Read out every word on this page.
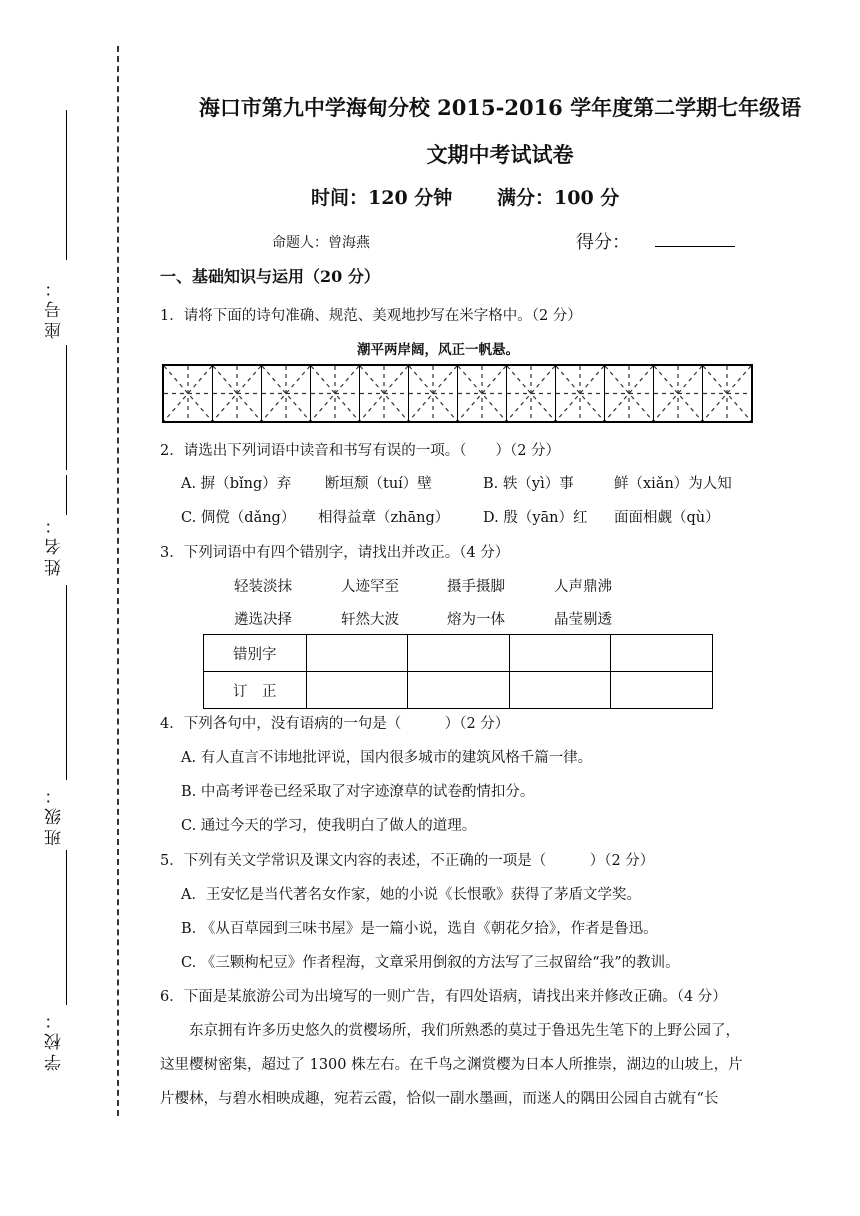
座号：
姓名：
班级：
学校：
海口市第九中学海甸分校 2015-2016 学年度第二学期七年级语
文期中考试试卷
时间：120 分钟 满分：100 分
命题人：曾海燕	得分：
一、基础知识与运用（20 分）
1．请将下面的诗句准确、规范、美观地抄写在米字格中。（2 分）
潮平两岸阔，风正一帆悬。
2．请选出下列词语中读音和书写有误的一项。（　　）（2 分）
A. 摒（bǐng）弃 断垣颓（tuí）壁	B. 轶（yì）事	鲜（xiǎn）为人知
C. 倜傥（dǎng） 相得益章（zhāng） D. 殷（yān）红 面面相觑（qù）
3．下列词语中有四个错别字，请找出并改正。（4 分）
轻装淡抹	人迹罕至	摄手摄脚	人声鼎沸
遴选决择	轩然大波	熔为一体	晶莹剔透
错别字				
订　正				
4．下列各句中，没有语病的一句是（　　　）（2 分）
A. 有人直言不讳地批评说，国内很多城市的建筑风格千篇一律。
B. 中高考评卷已经采取了对字迹潦草的试卷酌情扣分。
C. 通过今天的学习，使我明白了做人的道理。
5．下列有关文学常识及课文内容的表述，不正确的一项是（　　　）（2 分）
A．王安忆是当代著名女作家，她的小说《长恨歌》获得了茅盾文学奖。
B. 《从百草园到三味书屋》是一篇小说，选自《朝花夕拾》，作者是鲁迅。
C. 《三颗枸杞豆》作者程海，文章采用倒叙的方法写了三叔留给“我”的教训。
6．下面是某旅游公司为出境写的一则广告，有四处语病，请找出来并修改正确。（4 分）
东京拥有许多历史悠久的赏樱场所，我们所熟悉的莫过于鲁迅先生笔下的上野公园了，
这里樱树密集，超过了 1300 株左右。在千鸟之渊赏樱为日本人所推崇，湖边的山坡上，片
片樱林，与碧水相映成趣，宛若云霞，恰似一副水墨画，而迷人的隅田公园自古就有“长
